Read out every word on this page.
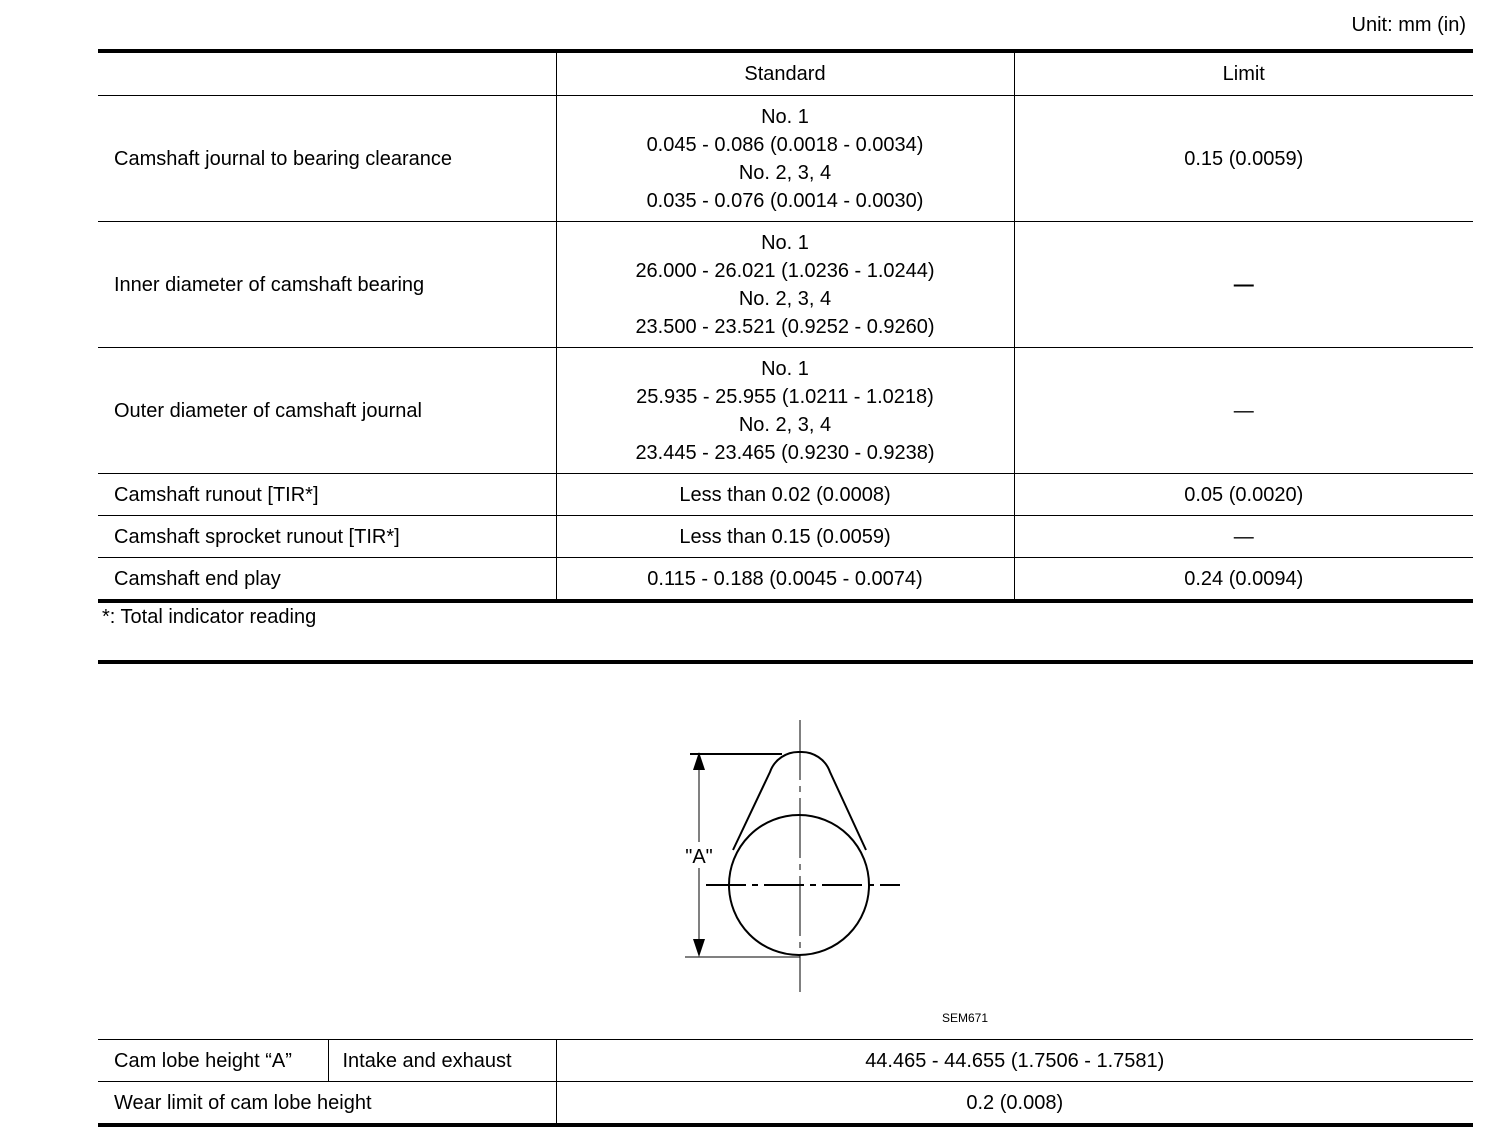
Unit: mm (in)
	Standard	Limit
Camshaft journal to bearing clearance	No. 1
0.045 - 0.086 (0.0018 - 0.0034)
No. 2, 3, 4
0.035 - 0.076 (0.0014 - 0.0030)	0.15 (0.0059)
Inner diameter of camshaft bearing	No. 1
26.000 - 26.021 (1.0236 - 1.0244)
No. 2, 3, 4
23.500 - 23.521 (0.9252 - 0.9260)	—
Outer diameter of camshaft journal	No. 1
25.935 - 25.955 (1.0211 - 1.0218)
No. 2, 3, 4
23.445 - 23.465 (0.9230 - 0.9238)	—
Camshaft runout [TIR*]	Less than 0.02 (0.0008)	0.05 (0.0020)
Camshaft sprocket runout [TIR*]	Less than 0.15 (0.0059)	—
Camshaft end play	0.115 - 0.188 (0.0045 - 0.0074)	0.24 (0.0094)
*: Total indicator reading
"A"
SEM671
Cam lobe height “A”	Intake and exhaust	44.465 - 44.655 (1.7506 - 1.7581)
Wear limit of cam lobe height		0.2 (0.008)
